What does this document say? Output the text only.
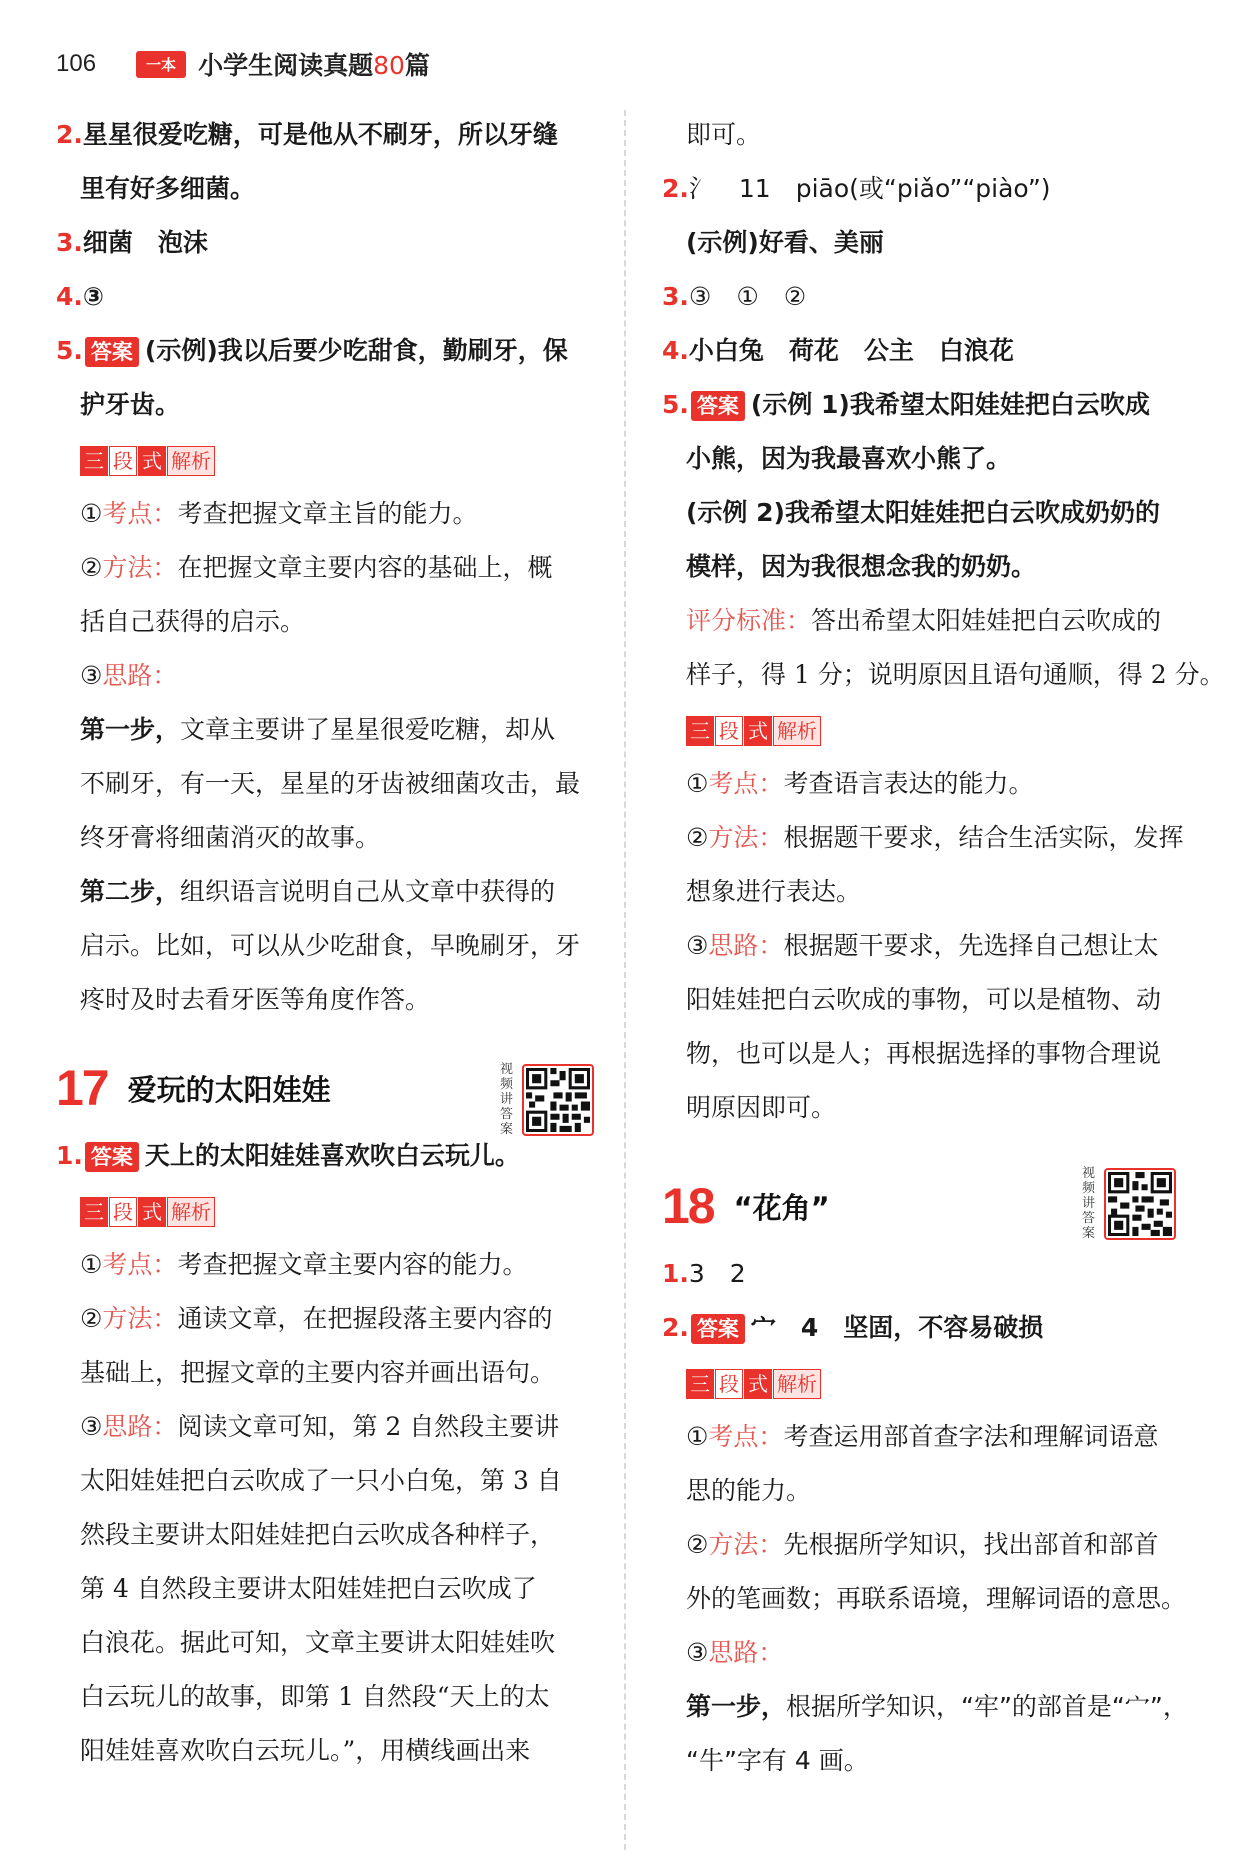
106	一本 小学生阅读真题80篇
2.星星很爱吃糖，可是他从不刷牙，所以牙缝
里有好多细菌。
3.细菌　泡沫
4.③
5. 答案 (示例)我以后要少吃甜食，勤刷牙，保
护牙齿。
三 段 式 解析
①考点：考查把握文章主旨的能力。
②方法：在把握文章主要内容的基础上，概
括自己获得的启示。
③思路：
第一步，文章主要讲了星星很爱吃糖，却从
不刷牙，有一天，星星的牙齿被细菌攻击，最
终牙膏将细菌消灭的故事。
第二步，组织语言说明自己从文章中获得的
启示。比如，可以从少吃甜食，早晚刷牙，牙
疼时及时去看牙医等角度作答。
17 爱玩的太阳娃娃
1. 答案 天上的太阳娃娃喜欢吹白云玩儿。
三 段 式 解析
①考点：考查把握文章主要内容的能力。
②方法：通读文章，在把握段落主要内容的
基础上，把握文章的主要内容并画出语句。
③思路：阅读文章可知，第 2 自然段主要讲
太阳娃娃把白云吹成了一只小白兔，第 3 自
然段主要讲太阳娃娃把白云吹成各种样子，
第 4 自然段主要讲太阳娃娃把白云吹成了
白浪花。据此可知，文章主要讲太阳娃娃吹
白云玩儿的故事，即第 1 自然段“天上的太
阳娃娃喜欢吹白云玩儿。”，用横线画出来
视频讲答案
即可。
2.氵　11　piāo(或“piǎo”“piào”)
(示例)好看、美丽
3.③　①　②
4.小白兔　荷花　公主　白浪花
5. 答案 (示例 1)我希望太阳娃娃把白云吹成
小熊，因为我最喜欢小熊了。
(示例 2)我希望太阳娃娃把白云吹成奶奶的
模样，因为我很想念我的奶奶。
评分标准：答出希望太阳娃娃把白云吹成的
样子，得 1 分；说明原因且语句通顺，得 2 分。
三 段 式 解析
①考点：考查语言表达的能力。
②方法：根据题干要求，结合生活实际，发挥
想象进行表达。
③思路：根据题干要求，先选择自己想让太
阳娃娃把白云吹成的事物，可以是植物、动
物，也可以是人；再根据选择的事物合理说
明原因即可。
18 “花角”
1.3　2
2. 答案 宀　4　坚固，不容易破损
三 段 式 解析
①考点：考查运用部首查字法和理解词语意
思的能力。
②方法：先根据所学知识，找出部首和部首
外的笔画数；再联系语境，理解词语的意思。
③思路：
第一步，根据所学知识，“牢”的部首是“宀”，
“牛”字有 4 画。
视频讲答案
